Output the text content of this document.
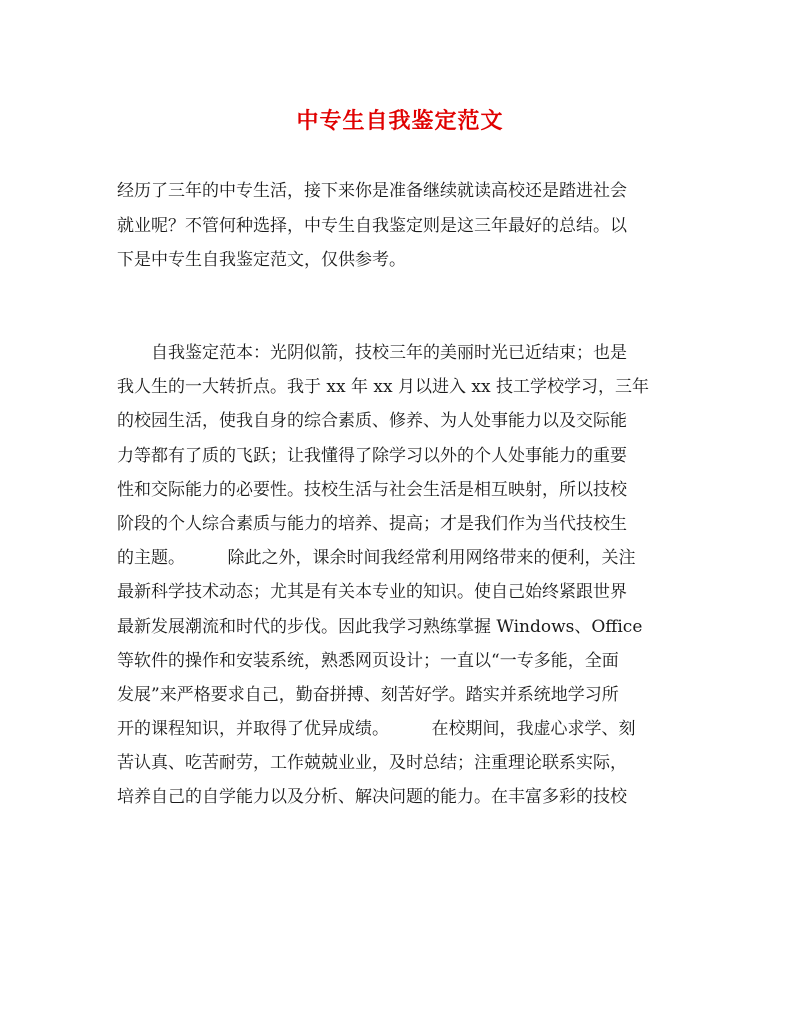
中专生自我鉴定范文
经历了三年的中专生活，接下来你是准备继续就读高校还是踏进社会
就业呢？不管何种选择，中专生自我鉴定则是这三年最好的总结。以
下是中专生自我鉴定范文，仅供参考。
　　自我鉴定范本：光阴似箭，技校三年的美丽时光已近结束；也是
我人生的一大转折点。我于 xx 年 xx 月以进入 xx 技工学校学习，三年
的校园生活，使我自身的综合素质、修养、为人处事能力以及交际能
力等都有了质的飞跃；让我懂得了除学习以外的个人处事能力的重要
性和交际能力的必要性。技校生活与社会生活是相互映射，所以技校
阶段的个人综合素质与能力的培养、提高；才是我们作为当代技校生
的主题。　　　除此之外，课余时间我经常利用网络带来的便利，关注
最新科学技术动态；尤其是有关本专业的知识。使自己始终紧跟世界
最新发展潮流和时代的步伐。因此我学习熟练掌握 Windows、Office
等软件的操作和安装系统，熟悉网页设计；一直以“一专多能，全面
发展”来严格要求自己，勤奋拼搏、刻苦好学。踏实并系统地学习所
开的课程知识，并取得了优异成绩。　　　在校期间，我虚心求学、刻
苦认真、吃苦耐劳，工作兢兢业业，及时总结；注重理论联系实际，
培养自己的自学能力以及分析、解决问题的能力。在丰富多彩的技校
